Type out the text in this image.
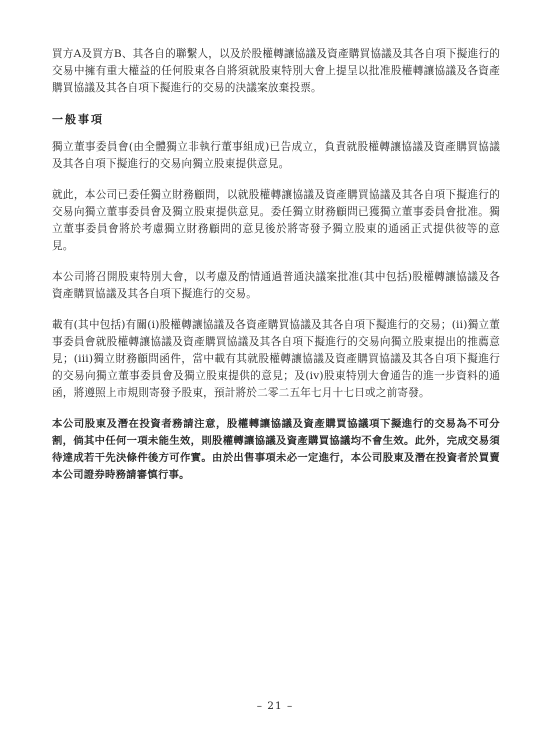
買方A及買方B、其各自的聯繫人，以及於股權轉讓協議及資產購買協議及其各自項下擬進行的交易中擁有重大權益的任何股東各自將須就股東特別大會上提呈以批准股權轉讓協議及各資產購買協議及其各自項下擬進行的交易的決議案放棄投票。

一般事項

獨立董事委員會(由全體獨立非執行董事組成)已告成立，負責就股權轉讓協議及資產購買協議及其各自項下擬進行的交易向獨立股東提供意見。

就此，本公司已委任獨立財務顧問，以就股權轉讓協議及資產購買協議及其各自項下擬進行的交易向獨立董事委員會及獨立股東提供意見。委任獨立財務顧問已獲獨立董事委員會批准。獨立董事委員會將於考慮獨立財務顧問的意見後於將寄發予獨立股東的通函正式提供彼等的意見。

本公司將召開股東特別大會，以考慮及酌情通過普通決議案批准(其中包括)股權轉讓協議及各資產購買協議及其各自項下擬進行的交易。

載有(其中包括)有關(i)股權轉讓協議及各資產購買協議及其各自項下擬進行的交易；(ii)獨立董事委員會就股權轉讓協議及資產購買協議及其各自項下擬進行的交易向獨立股東提出的推薦意見；(iii)獨立財務顧問函件，當中載有其就股權轉讓協議及資產購買協議及其各自項下擬進行的交易向獨立董事委員會及獨立股東提供的意見；及(iv)股東特別大會通告的進一步資料的通函，將遵照上市規則寄發予股東，預計將於二零二五年七月十七日或之前寄發。

本公司股東及潛在投資者務請注意，股權轉讓協議及資產購買協議項下擬進行的交易為不可分割，倘其中任何一項未能生效，則股權轉讓協議及資產購買協議均不會生效。此外，完成交易須待達成若干先決條件後方可作實。由於出售事項未必一定進行，本公司股東及潛在投資者於買賣本公司證券時務請審慎行事。

– 21 –
